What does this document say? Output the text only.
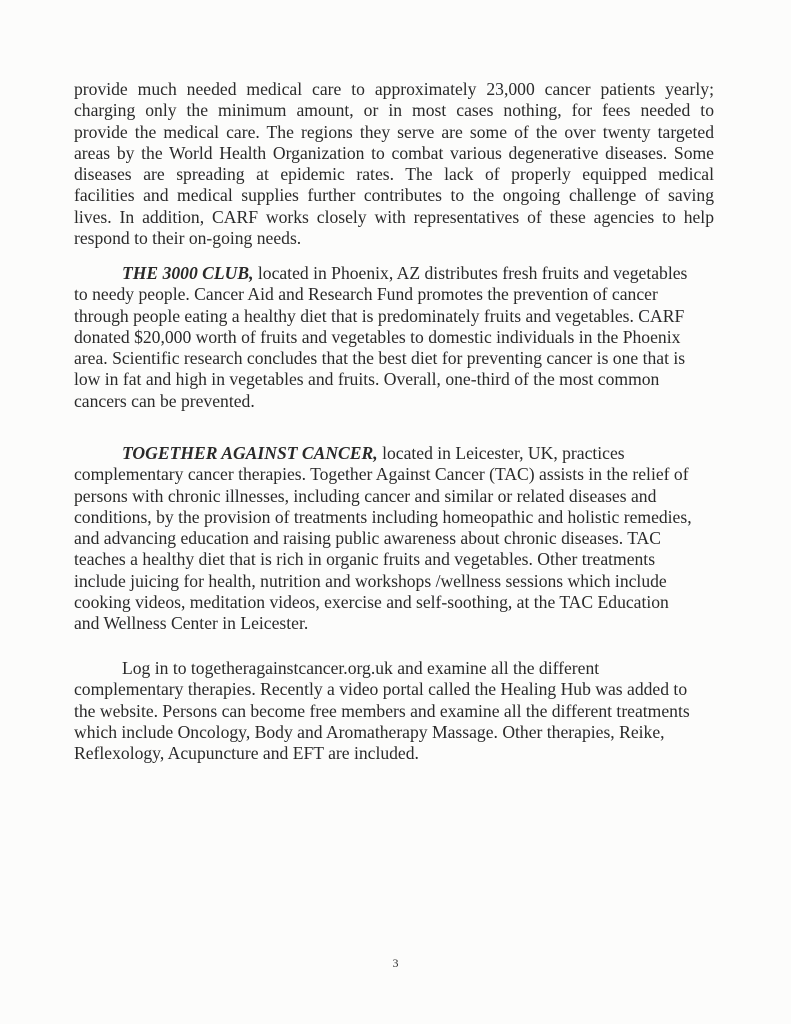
provide much needed medical care to approximately 23,000 cancer patients yearly;
charging only the minimum amount, or in most cases nothing, for fees needed to
provide the medical care. The regions they serve are some of the over twenty targeted
areas by the World Health Organization to combat various degenerative diseases. Some
diseases are spreading at epidemic rates. The lack of properly equipped medical
facilities and medical supplies further contributes to the ongoing challenge of saving
lives. In addition, CARF works closely with representatives of these agencies to help
respond to their on-going needs.

THE 3000 CLUB, located in Phoenix, AZ distributes fresh fruits and vegetables
to needy people. Cancer Aid and Research Fund promotes the prevention of cancer
through people eating a healthy diet that is predominately fruits and vegetables. CARF
donated $20,000 worth of fruits and vegetables to domestic individuals in the Phoenix
area. Scientific research concludes that the best diet for preventing cancer is one that is
low in fat and high in vegetables and fruits. Overall, one-third of the most common
cancers can be prevented.

TOGETHER AGAINST CANCER, located in Leicester, UK, practices
complementary cancer therapies. Together Against Cancer (TAC) assists in the relief of
persons with chronic illnesses, including cancer and similar or related diseases and
conditions, by the provision of treatments including homeopathic and holistic remedies,
and advancing education and raising public awareness about chronic diseases. TAC
teaches a healthy diet that is rich in organic fruits and vegetables. Other treatments
include juicing for health, nutrition and workshops /wellness sessions which include
cooking videos, meditation videos, exercise and self-soothing, at the TAC Education
and Wellness Center in Leicester.

Log in to togetheragainstcancer.org.uk and examine all the different
complementary therapies. Recently a video portal called the Healing Hub was added to
the website. Persons can become free members and examine all the different treatments
which include Oncology, Body and Aromatherapy Massage. Other therapies, Reike,
Reflexology, Acupuncture and EFT are included.

3
